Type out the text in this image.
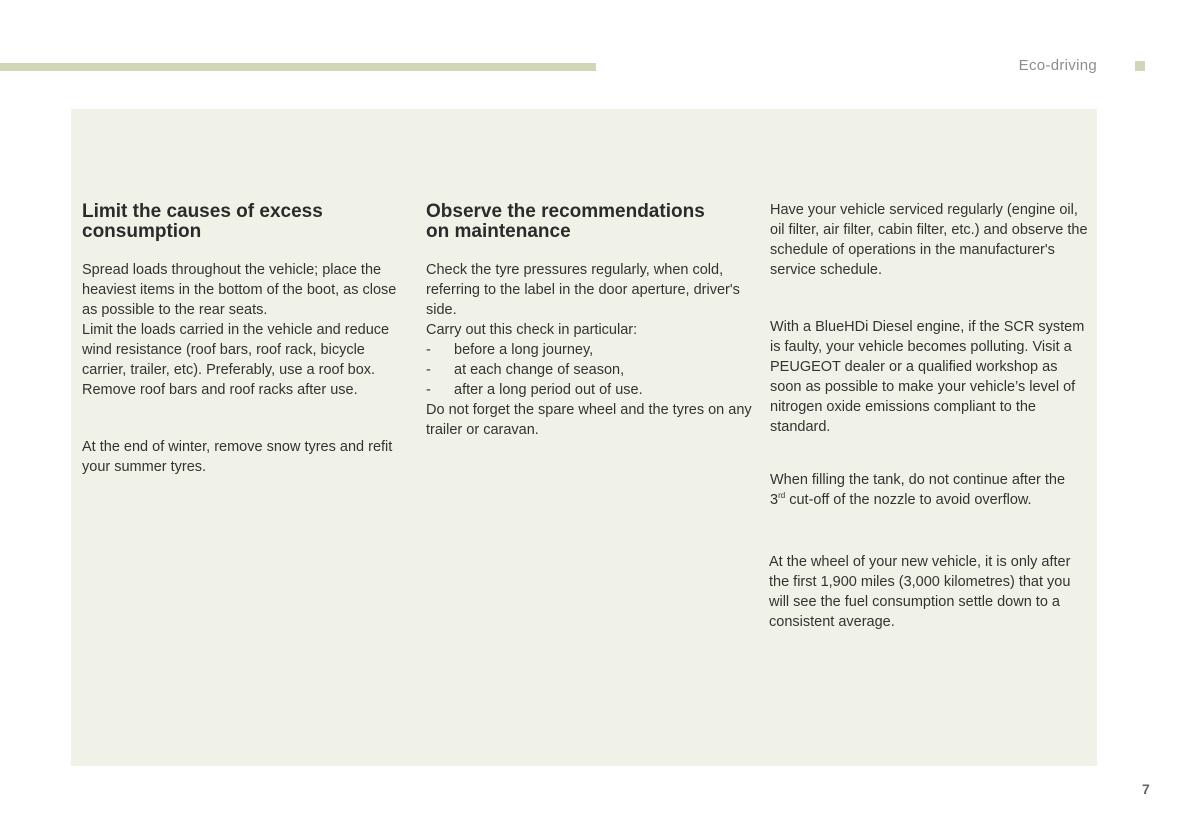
Eco-driving
Limit the causes of excess
consumption

Spread loads throughout the vehicle; place the heaviest items in the bottom of the boot, as close as possible to the rear seats.

Limit the loads carried in the vehicle and reduce wind resistance (roof bars, roof rack, bicycle carrier, trailer, etc). Preferably, use a roof box.

Remove roof bars and roof racks after use.

At the end of winter, remove snow tyres and refit your summer tyres.

Observe the recommendations
on maintenance

Check the tyre pressures regularly, when cold, referring to the label in the door aperture, driver's side.

Carry out this check in particular:

-	before a long journey,
-	at each change of season,
-	after a long period out of use.

Do not forget the spare wheel and the tyres on any trailer or caravan.

Have your vehicle serviced regularly (engine oil, oil filter, air filter, cabin filter, etc.) and observe the schedule of operations in the manufacturer's service schedule.

With a BlueHDi Diesel engine, if the SCR system is faulty, your vehicle becomes polluting. Visit a PEUGEOT dealer or a qualified workshop as soon as possible to make your vehicle’s level of nitrogen oxide emissions compliant to the standard.

When filling the tank, do not continue after the
3rd cut-off of the nozzle to avoid overflow.

At the wheel of your new vehicle, it is only after the first 1,900 miles (3,000 kilometres) that you will see the fuel consumption settle down to a consistent average.

7
